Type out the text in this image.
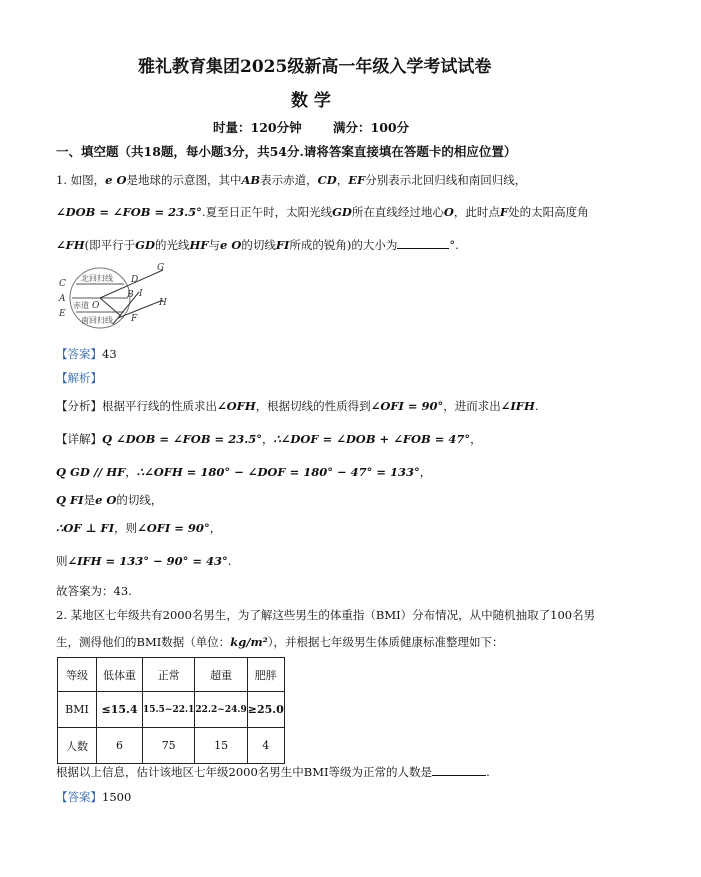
雅礼教育集团2025级新高一年级入学考试试卷
数 学
时量：120分钟	满分：100分
一、填空题（共18题，每小题3分，共54分.请将答案直接填在答题卡的相应位置）
1. 如图，e O是地球的示意图，其中AB表示赤道，CD，EF分别表示北回归线和南回归线，
∠DOB = ∠FOB = 23.5°.夏至日正午时，太阳光线GD所在直线经过地心O，此时点F处的太阳高度角
∠FH(即平行于GD的光线HF与e O的切线FI所成的锐角)的大小为	°.
C
A
E
D
G
B I
H
F
O
北回归线
赤道
南回归线
【答案】43
【解析】
【分析】根据平行线的性质求出∠OFH，根据切线的性质得到∠OFI = 90°，进而求出∠IFH.
【详解】Q ∠DOB = ∠FOB = 23.5°，∴∠DOF = ∠DOB + ∠FOB = 47°，
Q GD // HF，∴∠OFH = 180° − ∠DOF = 180° − 47° = 133°，
Q FI是e O的切线，
∴OF ⊥ FI，则∠OFI = 90°，
则∠IFH = 133° − 90° = 43°.
故答案为：43.
2. 某地区七年级共有2000名男生，为了解这些男生的体重指（BMI）分布情况，从中随机抽取了100名男
生，测得他们的BMI数据（单位：kg/m²），并根据七年级男生体质健康标准整理如下：
等级	低体重	正常	超重	肥胖
BMI	≤15.4	15.5~22.1	22.2~24.9	≥25.0
人数	6	75	15	4
根据以上信息，估计该地区七年级2000名男生中BMI等级为正常的人数是	.
【答案】1500
